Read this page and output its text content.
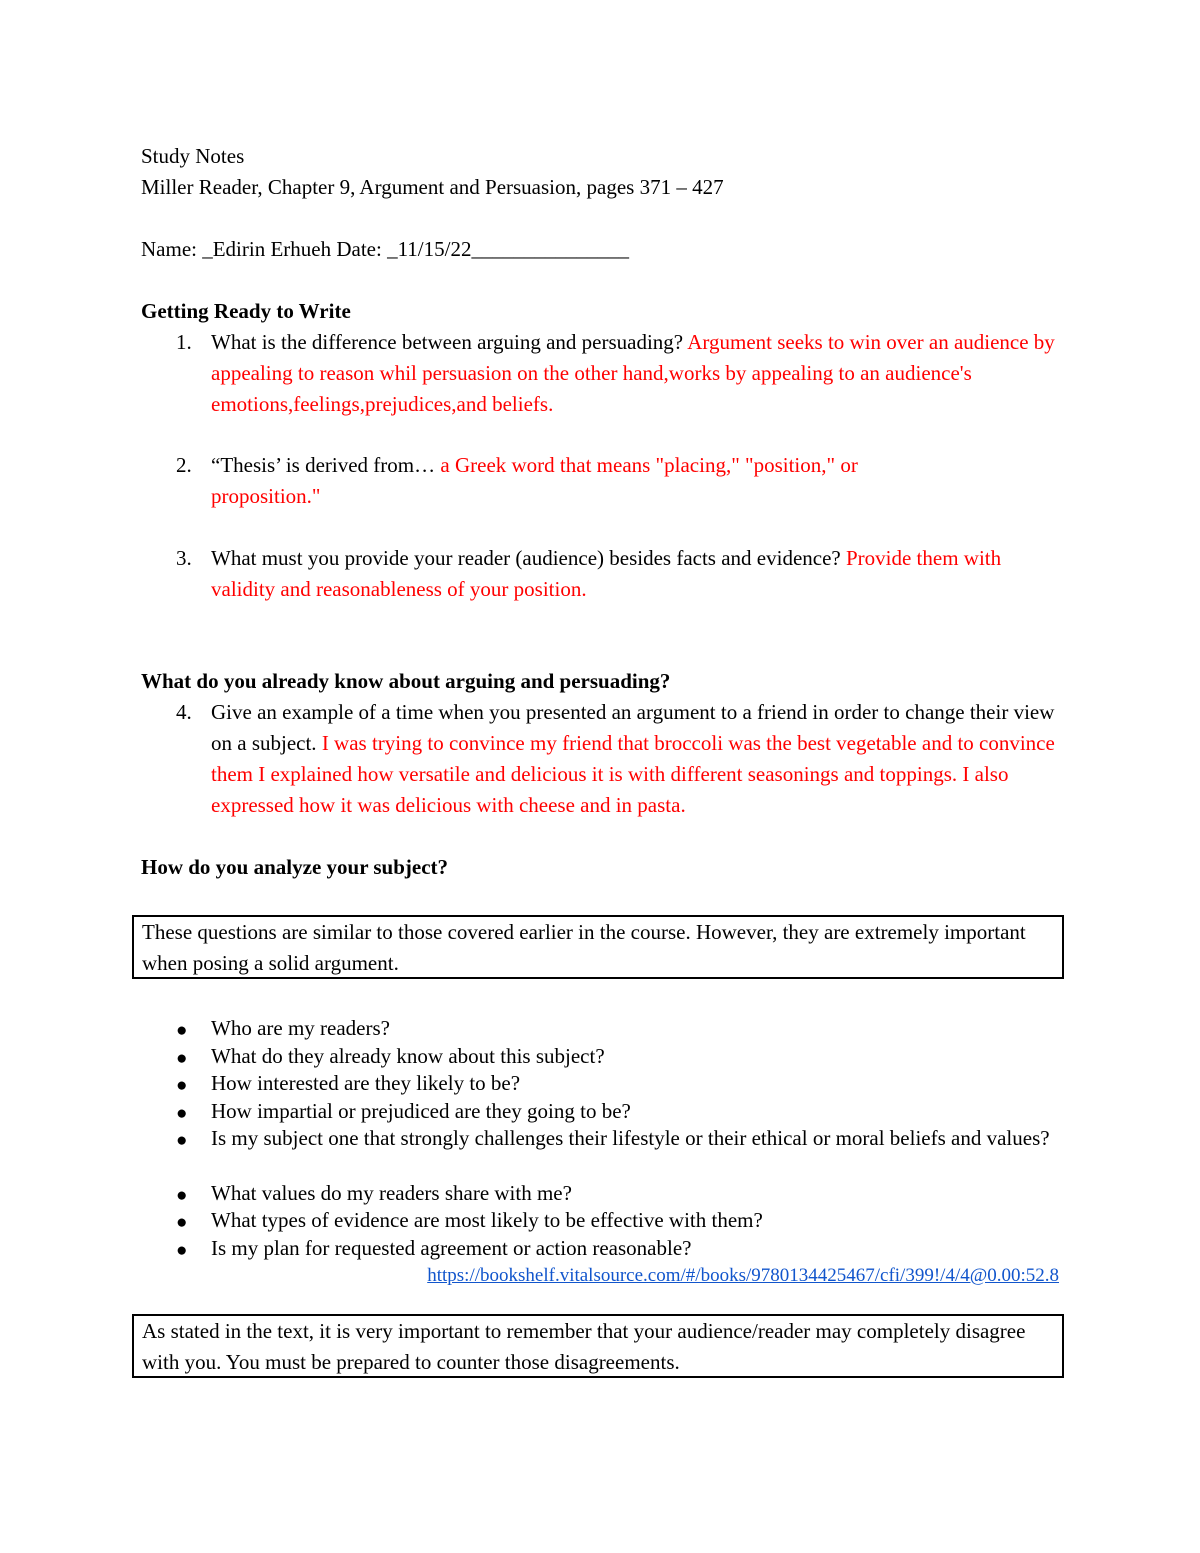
Study Notes
Miller Reader, Chapter 9, Argument and Persuasion, pages 371 – 427
Name: _Edirin Erhueh Date: _11/15/22_______________
Getting Ready to Write
1. What is the difference between arguing and persuading? Argument seeks to win over an audience by appealing to reason whil persuasion on the other hand,works by appealing to an audience's emotions,feelings,prejudices,and beliefs.
2. “Thesis’ is derived from… a Greek word that means "placing," "position," or proposition."
3. What must you provide your reader (audience) besides facts and evidence? Provide them with validity and reasonableness of your position.
What do you already know about arguing and persuading?
4. Give an example of a time when you presented an argument to a friend in order to change their view on a subject. I was trying to convince my friend that broccoli was the best vegetable and to convince them I explained how versatile and delicious it is with different seasonings and toppings. I also expressed how it was delicious with cheese and in pasta.
How do you analyze your subject?
These questions are similar to those covered earlier in the course. However, they are extremely important when posing a solid argument.
● Who are my readers?
● What do they already know about this subject?
● How interested are they likely to be?
● How impartial or prejudiced are they going to be?
● Is my subject one that strongly challenges their lifestyle or their ethical or moral beliefs and values?
● What values do my readers share with me?
● What types of evidence are most likely to be effective with them?
● Is my plan for requested agreement or action reasonable?
https://bookshelf.vitalsource.com/#/books/9780134425467/cfi/399!/4/4@0.00:52.8
As stated in the text, it is very important to remember that your audience/reader may completely disagree with you. You must be prepared to counter those disagreements.
